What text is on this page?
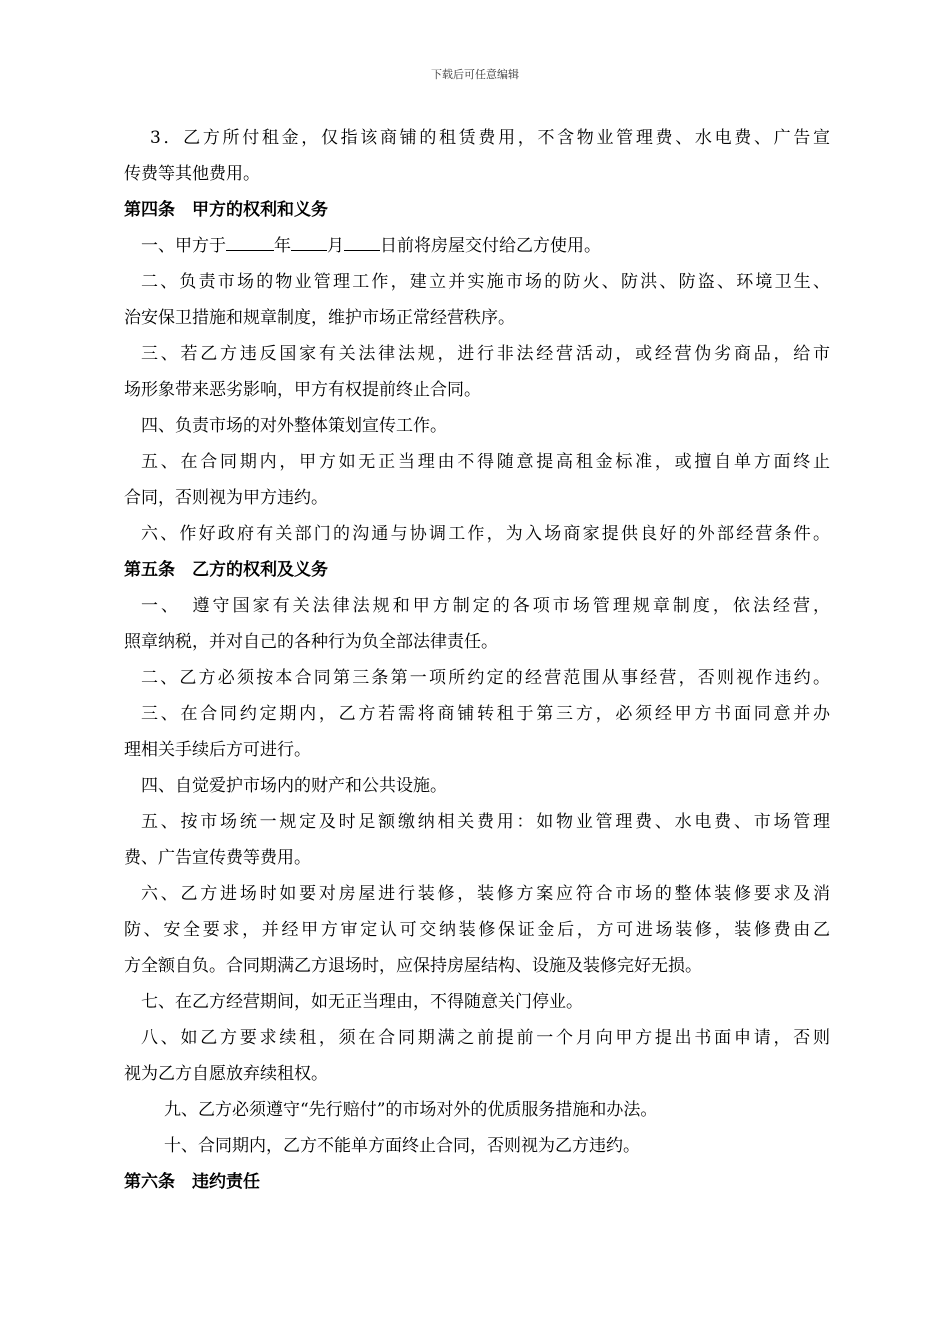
下载后可任意编辑
3．乙方所付租金，仅指该商铺的租赁费用，不含物业管理费、水电费、广告宣
传费等其他费用。
第四条　甲方的权利和义务
一、甲方于	年 月 日前将房屋交付给乙方使用。
二、负责市场的物业管理工作，建立并实施市场的防火、防洪、防盗、环境卫生、
治安保卫措施和规章制度，维护市场正常经营秩序。
三、若乙方违反国家有关法律法规，进行非法经营活动，或经营伪劣商品，给市
场形象带来恶劣影响，甲方有权提前终止合同。
四、负责市场的对外整体策划宣传工作。
五、在合同期内，甲方如无正当理由不得随意提高租金标准，或擅自单方面终止
合同，否则视为甲方违约。
六、作好政府有关部门的沟通与协调工作，为入场商家提供良好的外部经营条件。
第五条　乙方的权利及义务
一、　遵守国家有关法律法规和甲方制定的各项市场管理规章制度，依法经营，
照章纳税，并对自己的各种行为负全部法律责任。
二、乙方必须按本合同第三条第一项所约定的经营范围从事经营，否则视作违约。
三、在合同约定期内，乙方若需将商铺转租于第三方，必须经甲方书面同意并办
理相关手续后方可进行。
四、自觉爱护市场内的财产和公共设施。
五、按市场统一规定及时足额缴纳相关费用：如物业管理费、水电费、市场管理
费、广告宣传费等费用。
六、乙方进场时如要对房屋进行装修，装修方案应符合市场的整体装修要求及消
防、安全要求，并经甲方审定认可交纳装修保证金后，方可进场装修，装修费由乙
方全额自负。合同期满乙方退场时，应保持房屋结构、设施及装修完好无损。
七、在乙方经营期间，如无正当理由，不得随意关门停业。
八、如乙方要求续租，须在合同期满之前提前一个月向甲方提出书面申请，否则
视为乙方自愿放弃续租权。
九、乙方必须遵守“先行赔付”的市场对外的优质服务措施和办法。
十、合同期内，乙方不能单方面终止合同，否则视为乙方违约。
第六条　违约责任
